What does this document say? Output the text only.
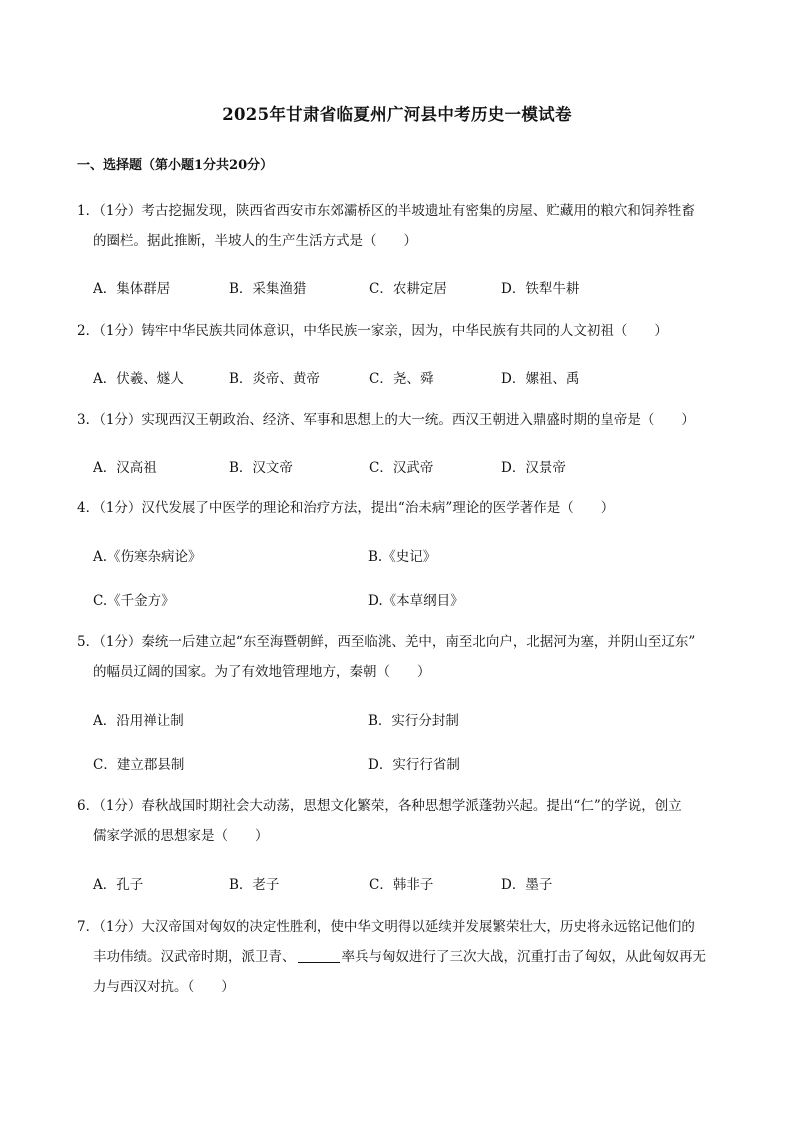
2025年甘肃省临夏州广河县中考历史一模试卷
一、选择题（第小题1分共20分）
1．（1分）考古挖掘发现，陕西省西安市东郊灞桥区的半坡遗址有密集的房屋、贮藏用的粮穴和饲养牲畜
的圈栏。据此推断，半坡人的生产生活方式是（　　）
A．集体群居	B．采集渔猎	C．农耕定居	D．铁犁牛耕
2．（1分）铸牢中华民族共同体意识，中华民族一家亲，因为，中华民族有共同的人文初祖（　　）
A．伏羲、燧人	B．炎帝、黄帝	C．尧、舜	D．嫘祖、禹
3．（1分）实现西汉王朝政治、经济、军事和思想上的大一统。西汉王朝进入鼎盛时期的皇帝是（　　）
A．汉高祖	B．汉文帝	C．汉武帝	D．汉景帝
4．（1分）汉代发展了中医学的理论和治疗方法，提出“治未病”理论的医学著作是（　　）
A.《伤寒杂病论》	B.《史记》
C.《千金方》	D.《本草纲目》
5．（1分）秦统一后建立起“东至海暨朝鲜，西至临洮、羌中，南至北向户，北据河为塞，并阴山至辽东”
的幅员辽阔的国家。为了有效地管理地方，秦朝（　　）
A．沿用禅让制	B．实行分封制
C．建立郡县制	D．实行行省制
6．（1分）春秋战国时期社会大动荡，思想文化繁荣，各种思想学派蓬勃兴起。提出“仁”的学说，创立
儒家学派的思想家是（　　）
A．孔子	B．老子	C．韩非子	D．墨子
7．（1分）大汉帝国对匈奴的决定性胜利，使中华文明得以延续并发展繁荣壮大，历史将永远铭记他们的
丰功伟绩。汉武帝时期，派卫青、	率兵与匈奴进行了三次大战，沉重打击了匈奴，从此匈奴再无
力与西汉对抗。（　　）
